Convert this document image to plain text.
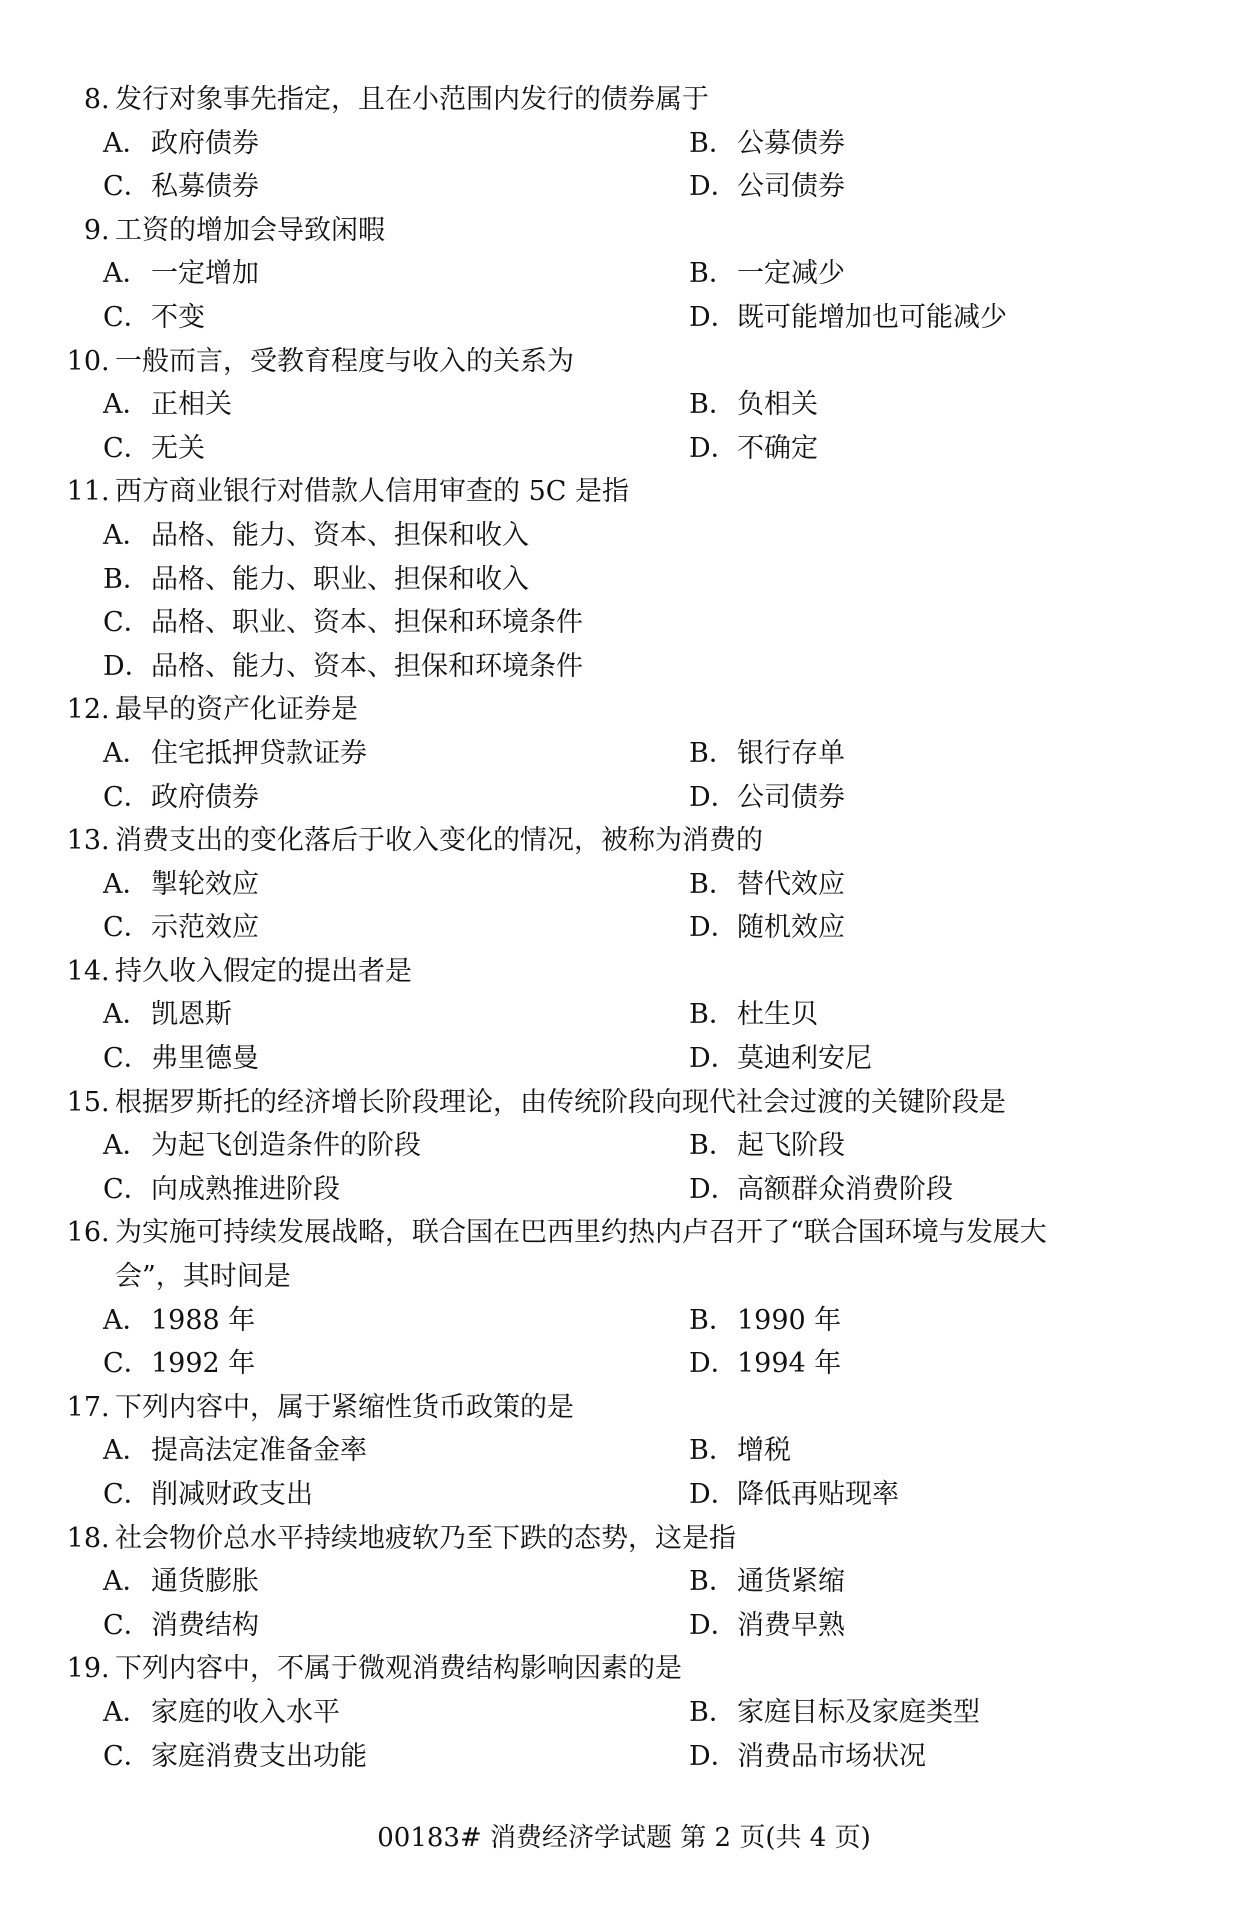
8 . 发行对象事先指定，且在小范围内发行的债券属于
A．政府债券	B．公募债券
C．私募债券	D．公司债券
9 . 工资的增加会导致闲暇
A．一定增加	B．一定减少
C．不变	D．既可能增加也可能减少
10 . 一般而言，受教育程度与收入的关系为
A．正相关	B．负相关
C．无关	D．不确定
11 . 西方商业银行对借款人信用审查的 5C 是指
A．品格、能力、资本、担保和收入
B．品格、能力、职业、担保和收入
C．品格、职业、资本、担保和环境条件
D．品格、能力、资本、担保和环境条件
12 . 最早的资产化证券是
A．住宅抵押贷款证券	B．银行存单
C．政府债券	D．公司债券
13 . 消费支出的变化落后于收入变化的情况，被称为消费的
A．掣轮效应	B．替代效应
C．示范效应	D．随机效应
14 . 持久收入假定的提出者是
A．凯恩斯	B．杜生贝
C．弗里德曼	D．莫迪利安尼
15 . 根据罗斯托的经济增长阶段理论，由传统阶段向现代社会过渡的关键阶段是
A．为起飞创造条件的阶段	B．起飞阶段
C．向成熟推进阶段	D．高额群众消费阶段
16 . 为实施可持续发展战略，联合国在巴西里约热内卢召开了“联合国环境与发展大
会”，其时间是
A．1988 年	B．1990 年
C．1992 年	D．1994 年
17 . 下列内容中，属于紧缩性货币政策的是
A．提高法定准备金率	B．增税
C．削减财政支出	D．降低再贴现率
18 . 社会物价总水平持续地疲软乃至下跌的态势，这是指
A．通货膨胀	B．通货紧缩
C．消费结构	D．消费早熟
19 . 下列内容中，不属于微观消费结构影响因素的是
A．家庭的收入水平	B．家庭目标及家庭类型
C．家庭消费支出功能	D．消费品市场状况
00183# 消费经济学试题 第 2 页(共 4 页)
